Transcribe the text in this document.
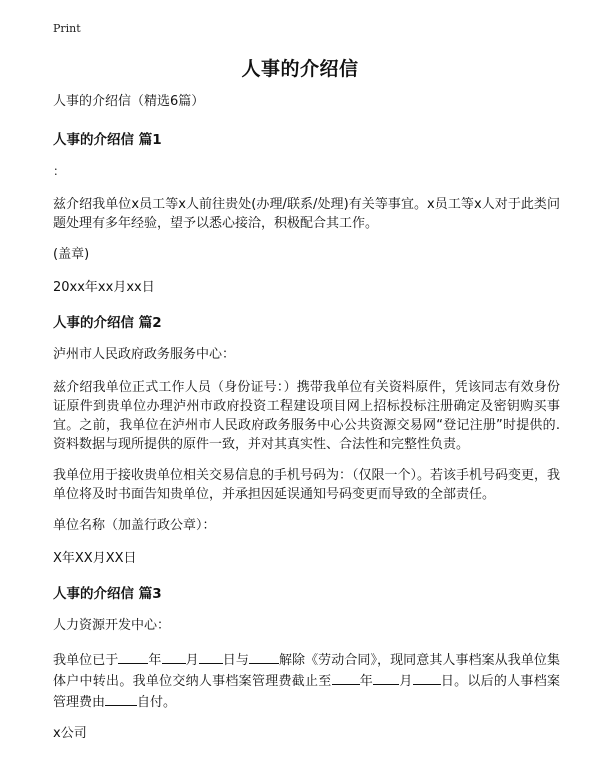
Print
人事的介绍信

人事的介绍信（精选6篇）

人事的介绍信 篇1

：

兹介绍我单位x员工等x人前往贵处(办理/联系/处理)有关等事宜。x员工等x人对于此类问题处理有多年经验，望予以悉心接洽，积极配合其工作。

(盖章)

20xx年xx月xx日

人事的介绍信 篇2

泸州市人民政府政务服务中心：

兹介绍我单位正式工作人员（身份证号：）携带我单位有关资料原件，凭该同志有效身份证原件到贵单位办理泸州市政府投资工程建设项目网上招标投标注册确定及密钥购买事宜。之前，我单位在泸州市人民政府政务服务中心公共资源交易网“登记注册”时提供的.资料数据与现所提供的原件一致，并对其真实性、合法性和完整性负责。

我单位用于接收贵单位相关交易信息的手机号码为：（仅限一个）。若该手机号码变更，我单位将及时书面告知贵单位，并承担因延误通知号码变更而导致的全部责任。

单位名称（加盖行政公章）：

X年XX月XX日

人事的介绍信 篇3

人力资源开发中心：

我单位已于 年 月 日与 解除《劳动合同》，现同意其人事档案从我单位集体户中转出。我单位交纳人事档案管理费截止至 年 月 日。以后的人事档案管理费由 自付。

x公司
